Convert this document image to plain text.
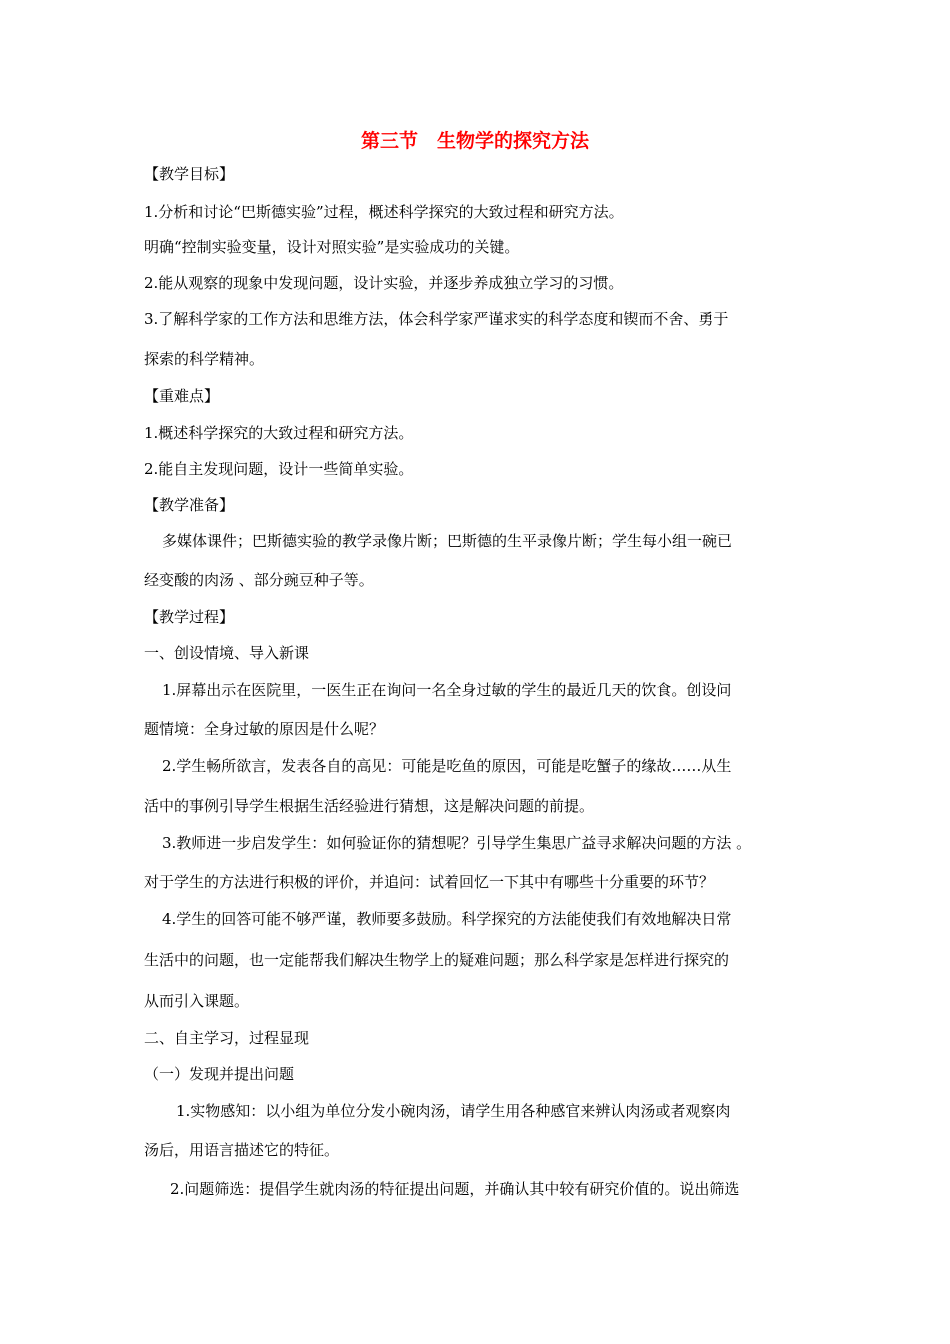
第三节　生物学的探究方法
【教学目标】
1.分析和讨论“巴斯德实验”过程，概述科学探究的大致过程和研究方法。
明确“控制实验变量，设计对照实验”是实验成功的关键。
2.能从观察的现象中发现问题，设计实验，并逐步养成独立学习的习惯。
3.了解科学家的工作方法和思维方法，体会科学家严谨求实的科学态度和锲而不舍、勇于
探索的科学精神。
【重难点】
1.概述科学探究的大致过程和研究方法。
2.能自主发现问题，设计一些简单实验。
【教学准备】
多媒体课件；巴斯德实验的教学录像片断；巴斯德的生平录像片断；学生每小组一碗已
经变酸的肉汤 、部分豌豆种子等。
【教学过程】
一、创设情境、导入新课
1.屏幕出示在医院里，一医生正在询问一名全身过敏的学生的最近几天的饮食。创设问
题情境：全身过敏的原因是什么呢？
2.学生畅所欲言，发表各自的高见：可能是吃鱼的原因，可能是吃蟹子的缘故……从生
活中的事例引导学生根据生活经验进行猜想，这是解决问题的前提。
3.教师进一步启发学生：如何验证你的猜想呢？引导学生集思广益寻求解决问题的方法 。
对于学生的方法进行积极的评价，并追问：试着回忆一下其中有哪些十分重要的环节？
4.学生的回答可能不够严谨，教师要多鼓励。科学探究的方法能使我们有效地解决日常
生活中的问题，也一定能帮我们解决生物学上的疑难问题；那么科学家是怎样进行探究的
从而引入课题。
二、自主学习，过程显现
（一）发现并提出问题
1.实物感知：以小组为单位分发小碗肉汤，请学生用各种感官来辨认肉汤或者观察肉
汤后，用语言描述它的特征。
2.问题筛选：提倡学生就肉汤的特征提出问题，并确认其中较有研究价值的。说出筛选
